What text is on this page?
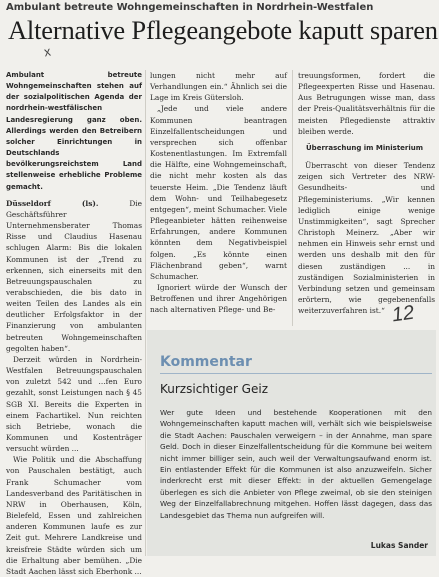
Ambulant betreute Wohngemeinschaften in Nordrhein-Westfalen
Alternative Pflegeangebote kaputt sparen
x

Ambulant betreute Wohngemeinschaften stehen auf der sozialpolitischen Agenda der nordrhein-westfälischen Landesregierung ganz oben. Allerdings werden den Betreibern solcher Einrichtungen in Deutschlands bevölkerungsreichstem Land stellenweise erhebliche Probleme gemacht.

Düsseldorf (ls).	Die Geschäftsführer Unternehmensberater Thomas Risse und Claudius Hasenau schlugen Alarm: Bis die lokalen Kommunen ist der „Trend zu erkennen, sich einerseits mit den Betreuungspauschalen zu verabschieden, die bis dato in weiten Teilen des Landes als ein deutlicher Erfolgsfaktor in der Finanzierung von ambulanten betreuten Wohngemeinschaften gegolten haben“.

Derzeit würden in Nordrhein-Westfalen Betreuungspauschalen von zuletzt 542 und ...fen Euro gezahlt, sonst Leistungen nach § 45 SGB XI. Bereits die Experten in einem Fachartikel. Nun reichten sich Betriebe, wonach die Kommunen und Kostenträger versucht würden ...

Wie Politik und die Abschaffung von Pauschalen bestätigt, auch Frank Schumacher vom Landesverband des Paritätischen in NRW in Oberhausen, Köln, Bielefeld, Essen und zahlreichen anderen Kommunen laufe es zur Zeit gut. Mehrere Landkreise und kreisfreie Städte würden sich um die Erhaltung aber bemühen. „Die Stadt Aachen lässt sich Eberhonk ...

lungen nicht mehr auf Verhandlungen ein.“ Ähnlich sei die Lage im Kreis Gütersloh.

„Jede und viele andere Kommunen beantragen Einzelfallentscheidungen und versprechen sich offenbar Kostenentlastungen. Im Extremfall die Hälfte, eine Wohngemeinschaft, die nicht mehr kosten als das teuerste Heim. „Die Tendenz läuft dem Wohn- und Teilhabegesetz entgegen“, meint Schumacher. Viele Pflegeanbieter hätten reihenweise Erfahrungen, andere Kommunen könnten dem Negativbeispiel folgen. „Es könnte einen Flächenbrand geben“, warnt Schumacher.

Ignoriert würde der Wunsch der Betroffenen und ihrer Angehörigen nach alternativen Pflege- und Be-

treuungsformen, fordert die Pflegeexperten Risse und Hasenau. Aus Betrugungen wisse man, dass der Preis-Qualitätsverhältnis für die meisten Pflegedienste attraktiv bleiben werde.

Überraschung im Ministerium

Überrascht von dieser Tendenz zeigen sich Vertreter des NRW-Gesundheits- und Pflegeministeriums. „Wir kennen lediglich einige wenige Unstimmigkeiten“, sagt Sprecher Christoph Meinerz. „Aber wir nehmen ein Hinweis sehr ernst und werden uns deshalb mit den für diesen zuständigen ... in zuständigen Sozialministerien in Verbindung setzen und gemeinsam erörtern, wie gegebenenfalls weiterzuverfahren ist.“ 12
Kommentar
Kurzsichtiger Geiz

Wer gute Ideen und bestehende Kooperationen mit den Wohngemeinschaften kaputt machen will, verhält sich wie beispielsweise die Stadt Aachen: Pauschalen verweigern – in der Annahme, man spare Geld. Doch in dieser Einzelfallentscheidung für die Kommune bei weitem nicht immer billiger sein, auch weil der Verwaltungsaufwand enorm ist. Ein entlastender Effekt für die Kommunen ist also anzuzweifeln. Sicher inderkrecht erst mit dieser Effekt: in der aktuellen Gemengelage überlegen es sich die Anbieter von Pflege zweimal, ob sie den steinigen Weg der Einzelfallabrechnung mitgehen. Hoffen lässt dagegen, dass das Landesgebiet das Thema nun aufgreifen will.

Lukas Sander
